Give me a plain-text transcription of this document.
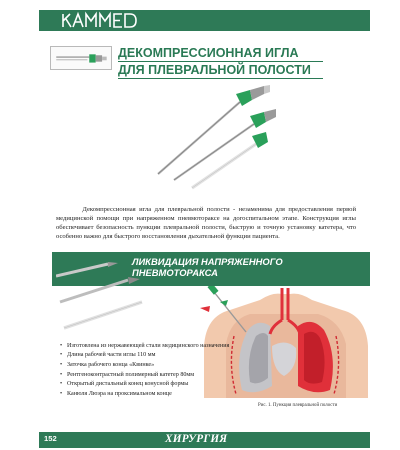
ДЕКОМПРЕССИОННАЯ ИГЛА
ДЛЯ ПЛЕВРАЛЬНОЙ ПОЛОСТИ
Декомпрессионная игла для плевральной полости - незаменима для предоставления первой медицинской помощи при напряженном пневмотораксе на догоспитальном этапе. Конструкция иглы обеспечивает безопасность пункции плевральной полости, быструю и точную установку катетера, что особенно важно для быстрого восстановления дыхательной функции пациента.
ЛИКВИДАЦИЯ НАПРЯЖЕННОГО
ПНЕВМОТОРАКСА
• Изготовлена из нержавеющей стали медицинского назначения
• Длина рабочей части иглы 110 мм
• Заточка рабочего конца «Квинке»
• Рентгеноконтрастный полимерный катетер 80мм
• Открытый дистальный конец конусной формы
• Канюля Люэра на проксимальном конце
Рис. 1. Пункция плевральной полости
152	ХИРУРГИЯ
